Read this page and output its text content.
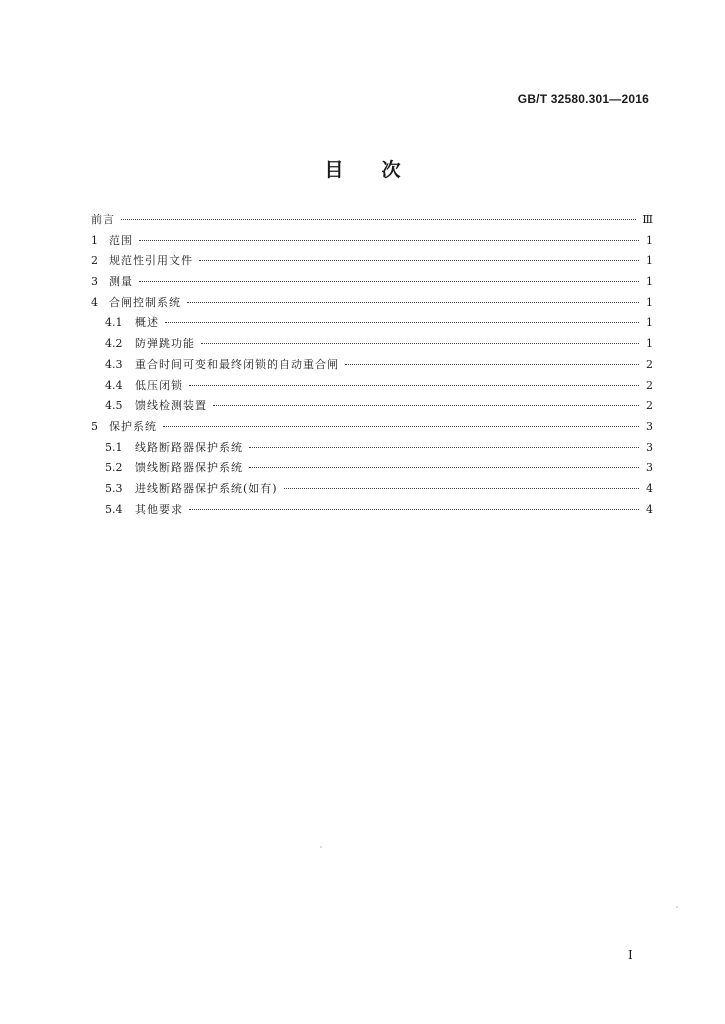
GB/T 32580.301—2016
目 次
前言	Ⅲ
1	范围	1
2	规范性引用文件	1
3	测量	1
4	合闸控制系统	1
4.1	概述	1
4.2	防弹跳功能	1
4.3	重合时间可变和最终闭锁的自动重合闸	2
4.4	低压闭锁	2
4.5	馈线检测装置	2
5	保护系统	3
5.1	线路断路器保护系统	3
5.2	馈线断路器保护系统	3
5.3	进线断路器保护系统(如有)	4
5.4	其他要求	4
I
